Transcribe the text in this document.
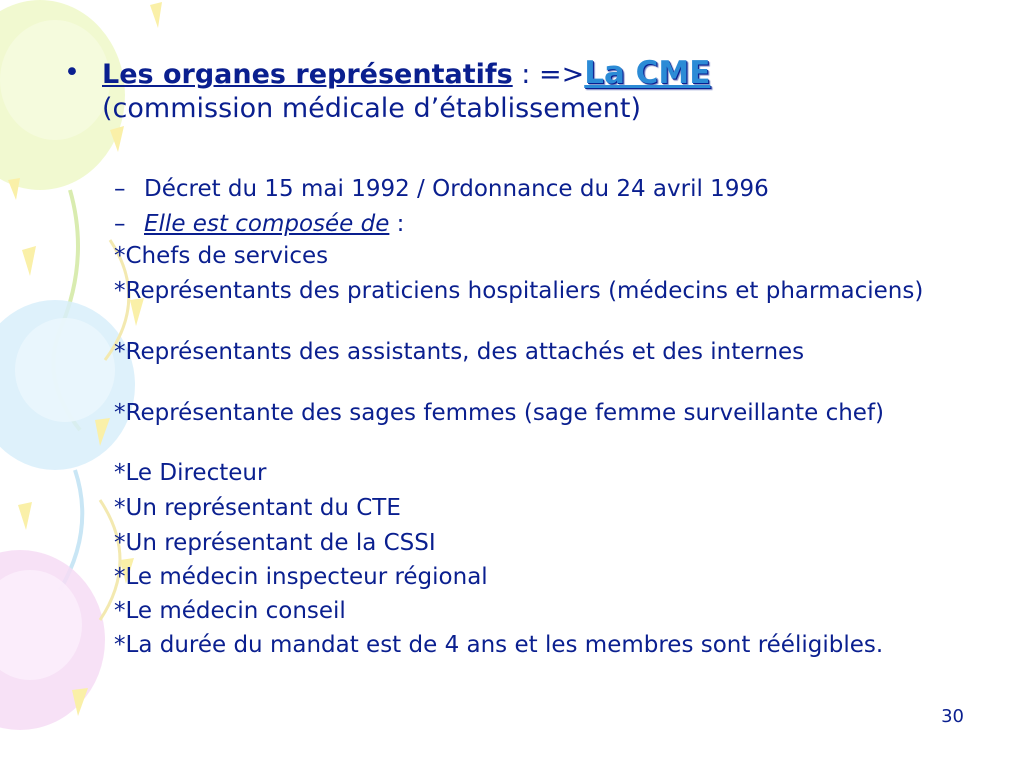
• Les organes représentatifs : =>La CME
(commission médicale d’établissement)
– Décret du 15 mai 1992 / Ordonnance du 24 avril 1996
– Elle est composée de :

*Chefs de services

*Représentants des praticiens hospitaliers (médecins et pharmaciens)

*Représentants des assistants, des attachés et des internes

*Représentante des sages femmes (sage femme surveillante chef)

*Le Directeur

*Un représentant du CTE

*Un représentant de la CSSI

*Le médecin inspecteur régional

*Le médecin conseil

*La durée du mandat est de 4 ans et les membres sont rééligibles.

30
